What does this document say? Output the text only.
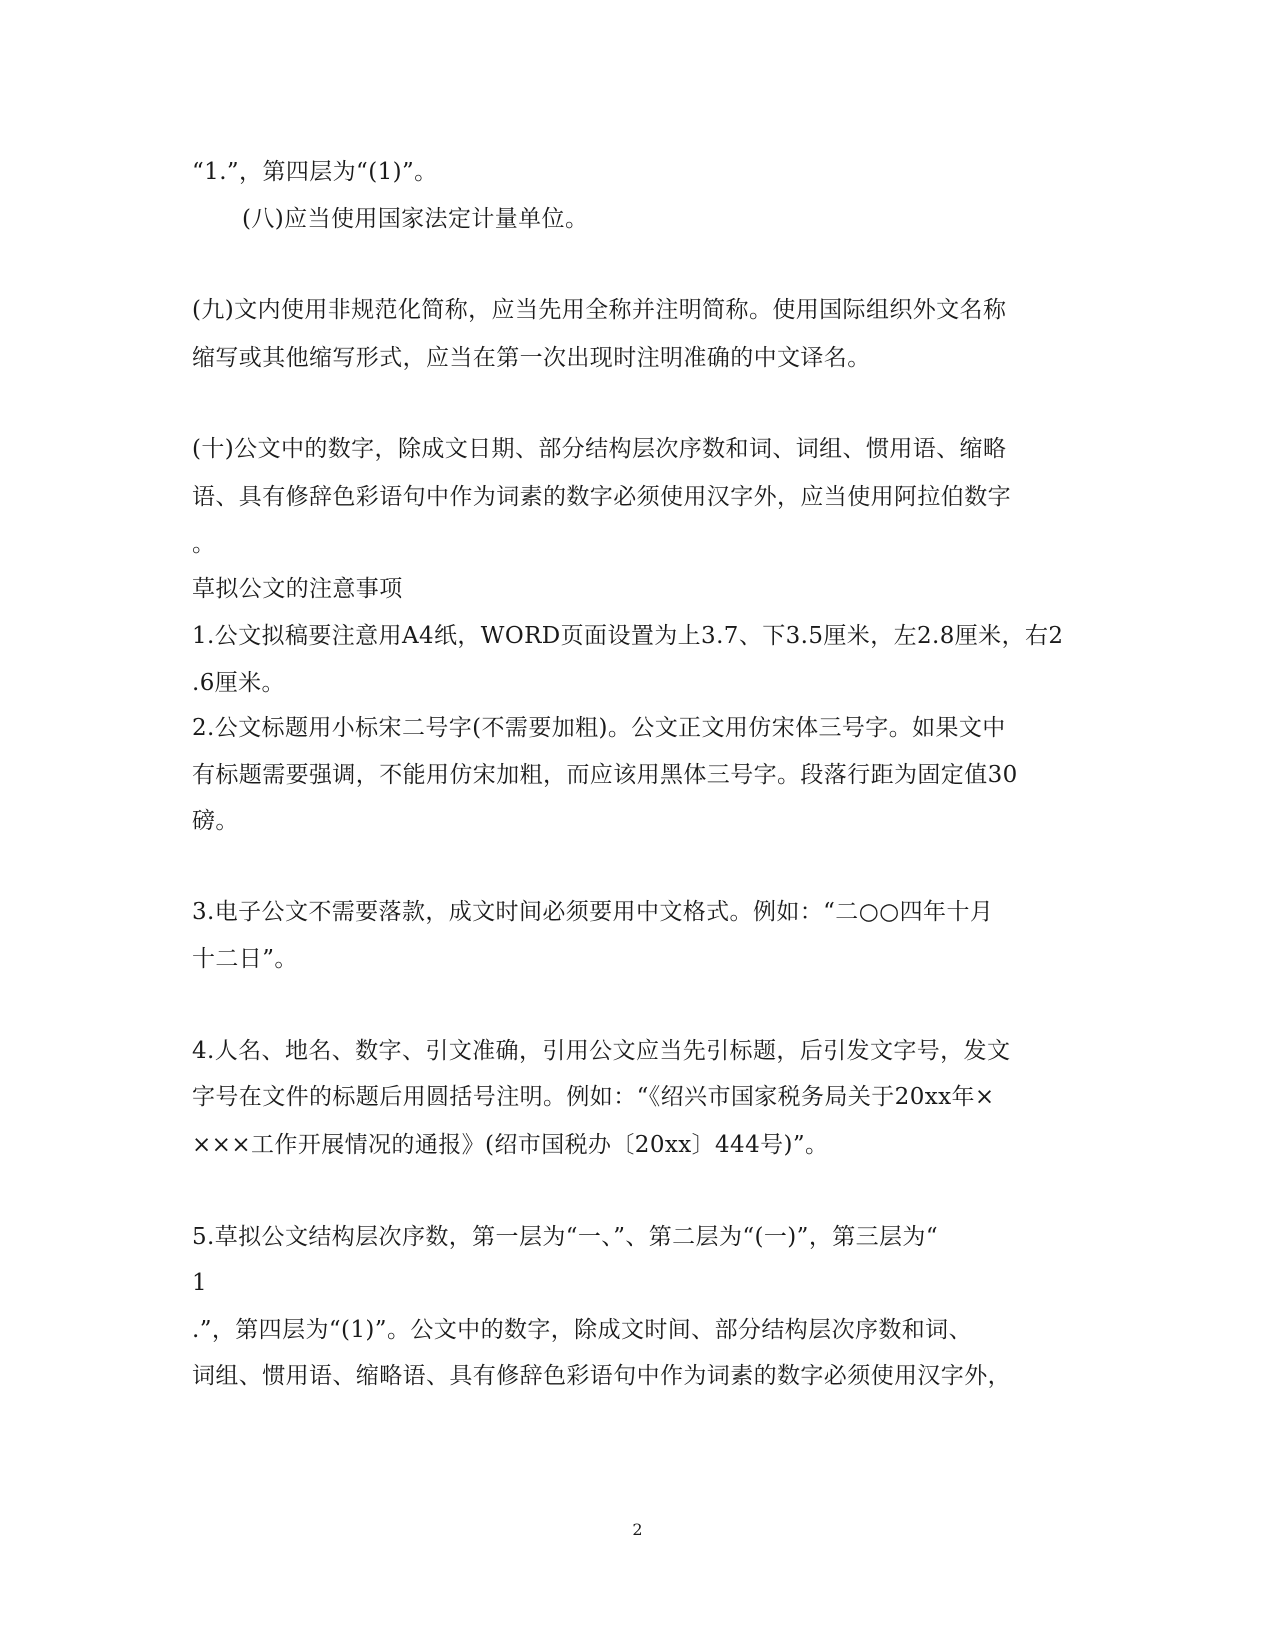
“1.”，第四层为“(1)”。
(八)应当使用国家法定计量单位。
(九)文内使用非规范化简称，应当先用全称并注明简称。使用国际组织外文名称
缩写或其他缩写形式，应当在第一次出现时注明准确的中文译名。
(十)公文中的数字，除成文日期、部分结构层次序数和词、词组、惯用语、缩略
语、具有修辞色彩语句中作为词素的数字必须使用汉字外，应当使用阿拉伯数字
。
草拟公文的注意事项
1.公文拟稿要注意用A4纸，WORD页面设置为上3.7、下3.5厘米，左2.8厘米，右2
.6厘米。
2.公文标题用小标宋二号字(不需要加粗)。公文正文用仿宋体三号字。如果文中
有标题需要强调，不能用仿宋加粗，而应该用黑体三号字。段落行距为固定值30
磅。
3.电子公文不需要落款，成文时间必须要用中文格式。例如：“二○○四年十月
十二日”。
4.人名、地名、数字、引文准确，引用公文应当先引标题，后引发文字号，发文
字号在文件的标题后用圆括号注明。例如：“《绍兴市国家税务局关于20xx年×
×××工作开展情况的通报》(绍市国税办〔20xx〕444号)”。
5.草拟公文结构层次序数，第一层为“一、”、第二层为“(一)”，第三层为“
1
.”，第四层为“(1)”。公文中的数字，除成文时间、部分结构层次序数和词、
词组、惯用语、缩略语、具有修辞色彩语句中作为词素的数字必须使用汉字外，
2
